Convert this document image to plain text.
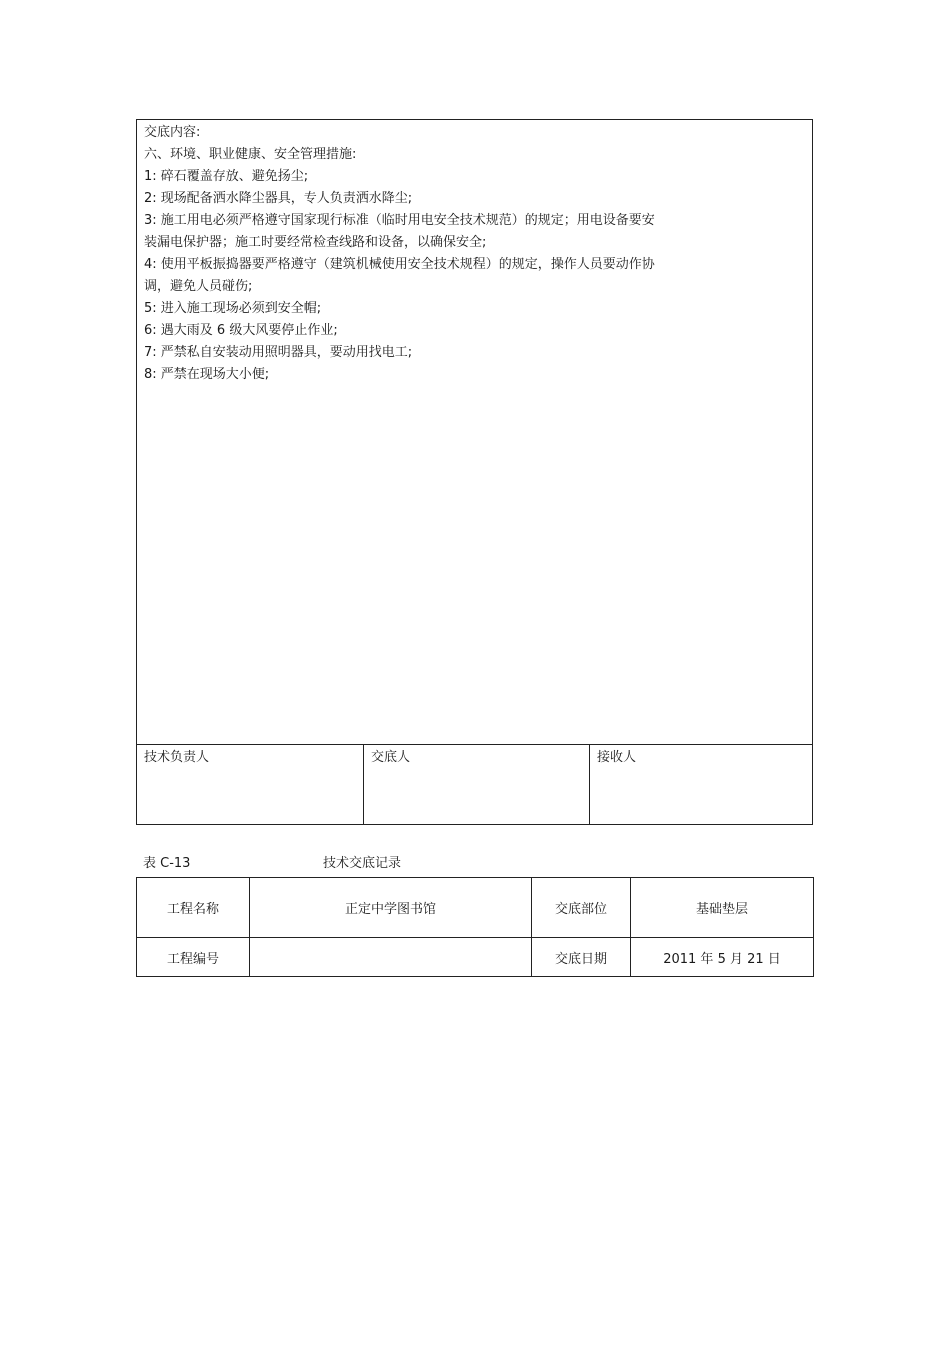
交底内容:
六、环境、职业健康、安全管理措施:
1: 碎石覆盖存放、避免扬尘;
2: 现场配备洒水降尘器具，专人负责洒水降尘;
3: 施工用电必须严格遵守国家现行标准（临时用电安全技术规范）的规定；用电设备要安
装漏电保护器；施工时要经常检查线路和设备，以确保安全;
4: 使用平板振捣器要严格遵守（建筑机械使用安全技术规程）的规定，操作人员要动作协
调，避免人员碰伤;
5: 进入施工现场必须到安全帽;
6: 遇大雨及 6 级大风要停止作业;
7: 严禁私自安装动用照明器具，要动用找电工;
8: 严禁在现场大小便;
技术负责人	交底人	接收人
表 C-13	技术交底记录
工程名称	正定中学图书馆	交底部位	基础垫层
工程编号		交底日期	2011 年 5 月 21 日
